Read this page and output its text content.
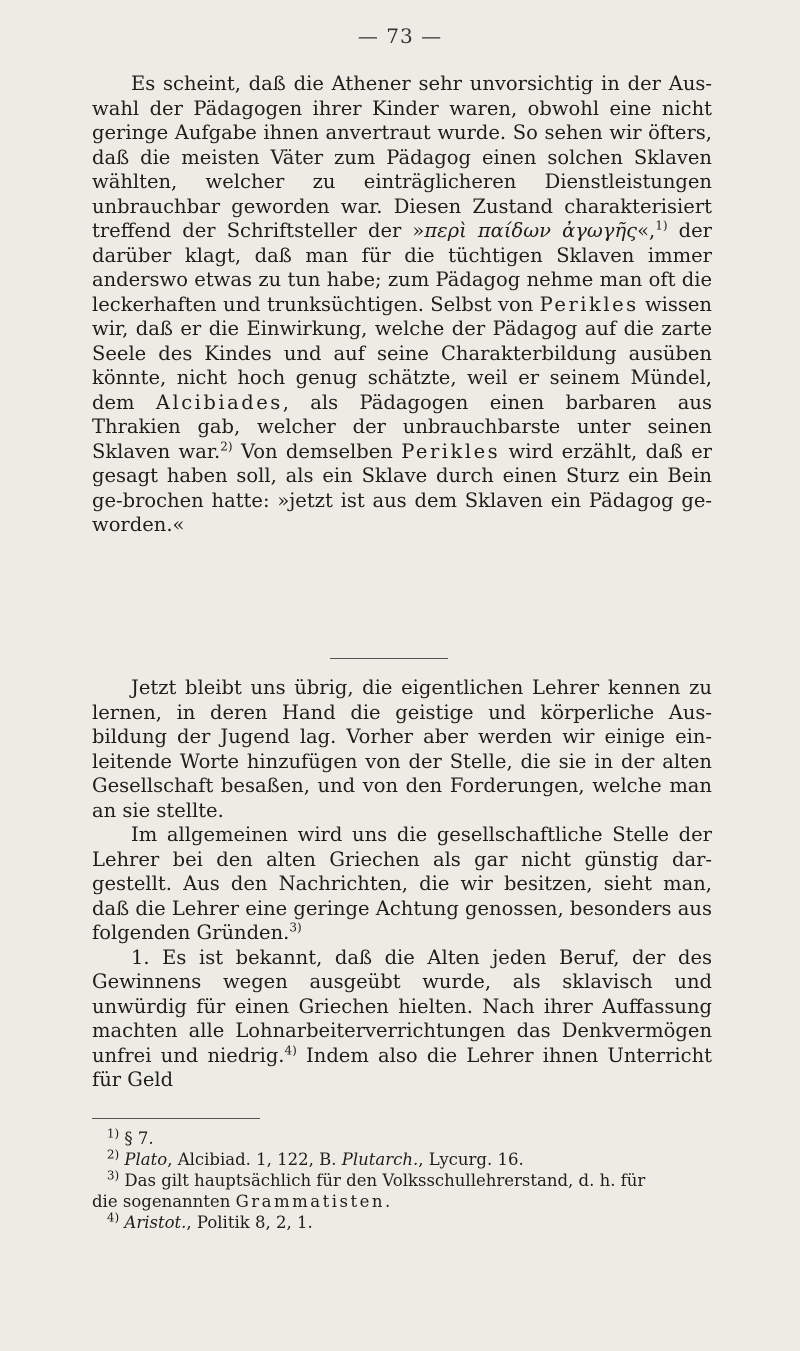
— 73 —

Es scheint, daß die Athener sehr unvorsichtig in der Aus-wahl der Pädagogen ihrer Kinder waren, obwohl eine nicht geringe Aufgabe ihnen anvertraut wurde. So sehen wir öfters, daß die meisten Väter zum Pädagog einen solchen Sklaven wählten, welcher zu einträglicheren Dienstleistungen unbrauchbar geworden war. Diesen Zustand charakterisiert treffend der Schriftsteller der »περὶ παίδων ἀγωγῆς«,$^{1)}$ der darüber klagt, daß man für die tüchtigen Sklaven immer anderswo etwas zu tun habe; zum Pädagog nehme man oft die leckerhaften und trunksüchtigen. Selbst von Perikles wissen wir, daß er die Einwirkung, welche der Pädagog auf die zarte Seele des Kindes und auf seine Charakterbildung ausüben könnte, nicht hoch genug schätzte, weil er seinem Mündel, dem Alcibiades, als Pädagogen einen barbaren aus Thrakien gab, welcher der unbrauchbarste unter seinen Sklaven war.$^{2)}$ Von demselben Perikles wird erzählt, daß er gesagt haben soll, als ein Sklave durch einen Sturz ein Bein ge-brochen hatte: »jetzt ist aus dem Sklaven ein Pädagog ge-worden.«

Jetzt bleibt uns übrig, die eigentlichen Lehrer kennen zu lernen, in deren Hand die geistige und körperliche Aus-bildung der Jugend lag. Vorher aber werden wir einige ein-leitende Worte hinzufügen von der Stelle, die sie in der alten Gesellschaft besaßen, und von den Forderungen, welche man an sie stellte.

Im allgemeinen wird uns die gesellschaftliche Stelle der Lehrer bei den alten Griechen als gar nicht günstig dar-gestellt. Aus den Nachrichten, die wir besitzen, sieht man, daß die Lehrer eine geringe Achtung genossen, besonders aus folgenden Gründen.$^{3)}$

1. Es ist bekannt, daß die Alten jeden Beruf, der des Gewinnens wegen ausgeübt wurde, als sklavisch und unwürdig für einen Griechen hielten. Nach ihrer Auffassung machten alle Lohnarbeiterverrichtungen das Denkvermögen unfrei und niedrig.$^{4)}$ Indem also die Lehrer ihnen Unterricht für Geld

$^{1)}$ § 7.

$^{2)}$ Plato, Alcibiad. 1, 122, B. Plutarch., Lycurg. 16.

$^{3)}$ Das gilt hauptsächlich für den Volksschullehrerstand, d. h. für

die sogenannten Grammatisten.

$^{4)}$ Aristot., Politik 8, 2, 1.
